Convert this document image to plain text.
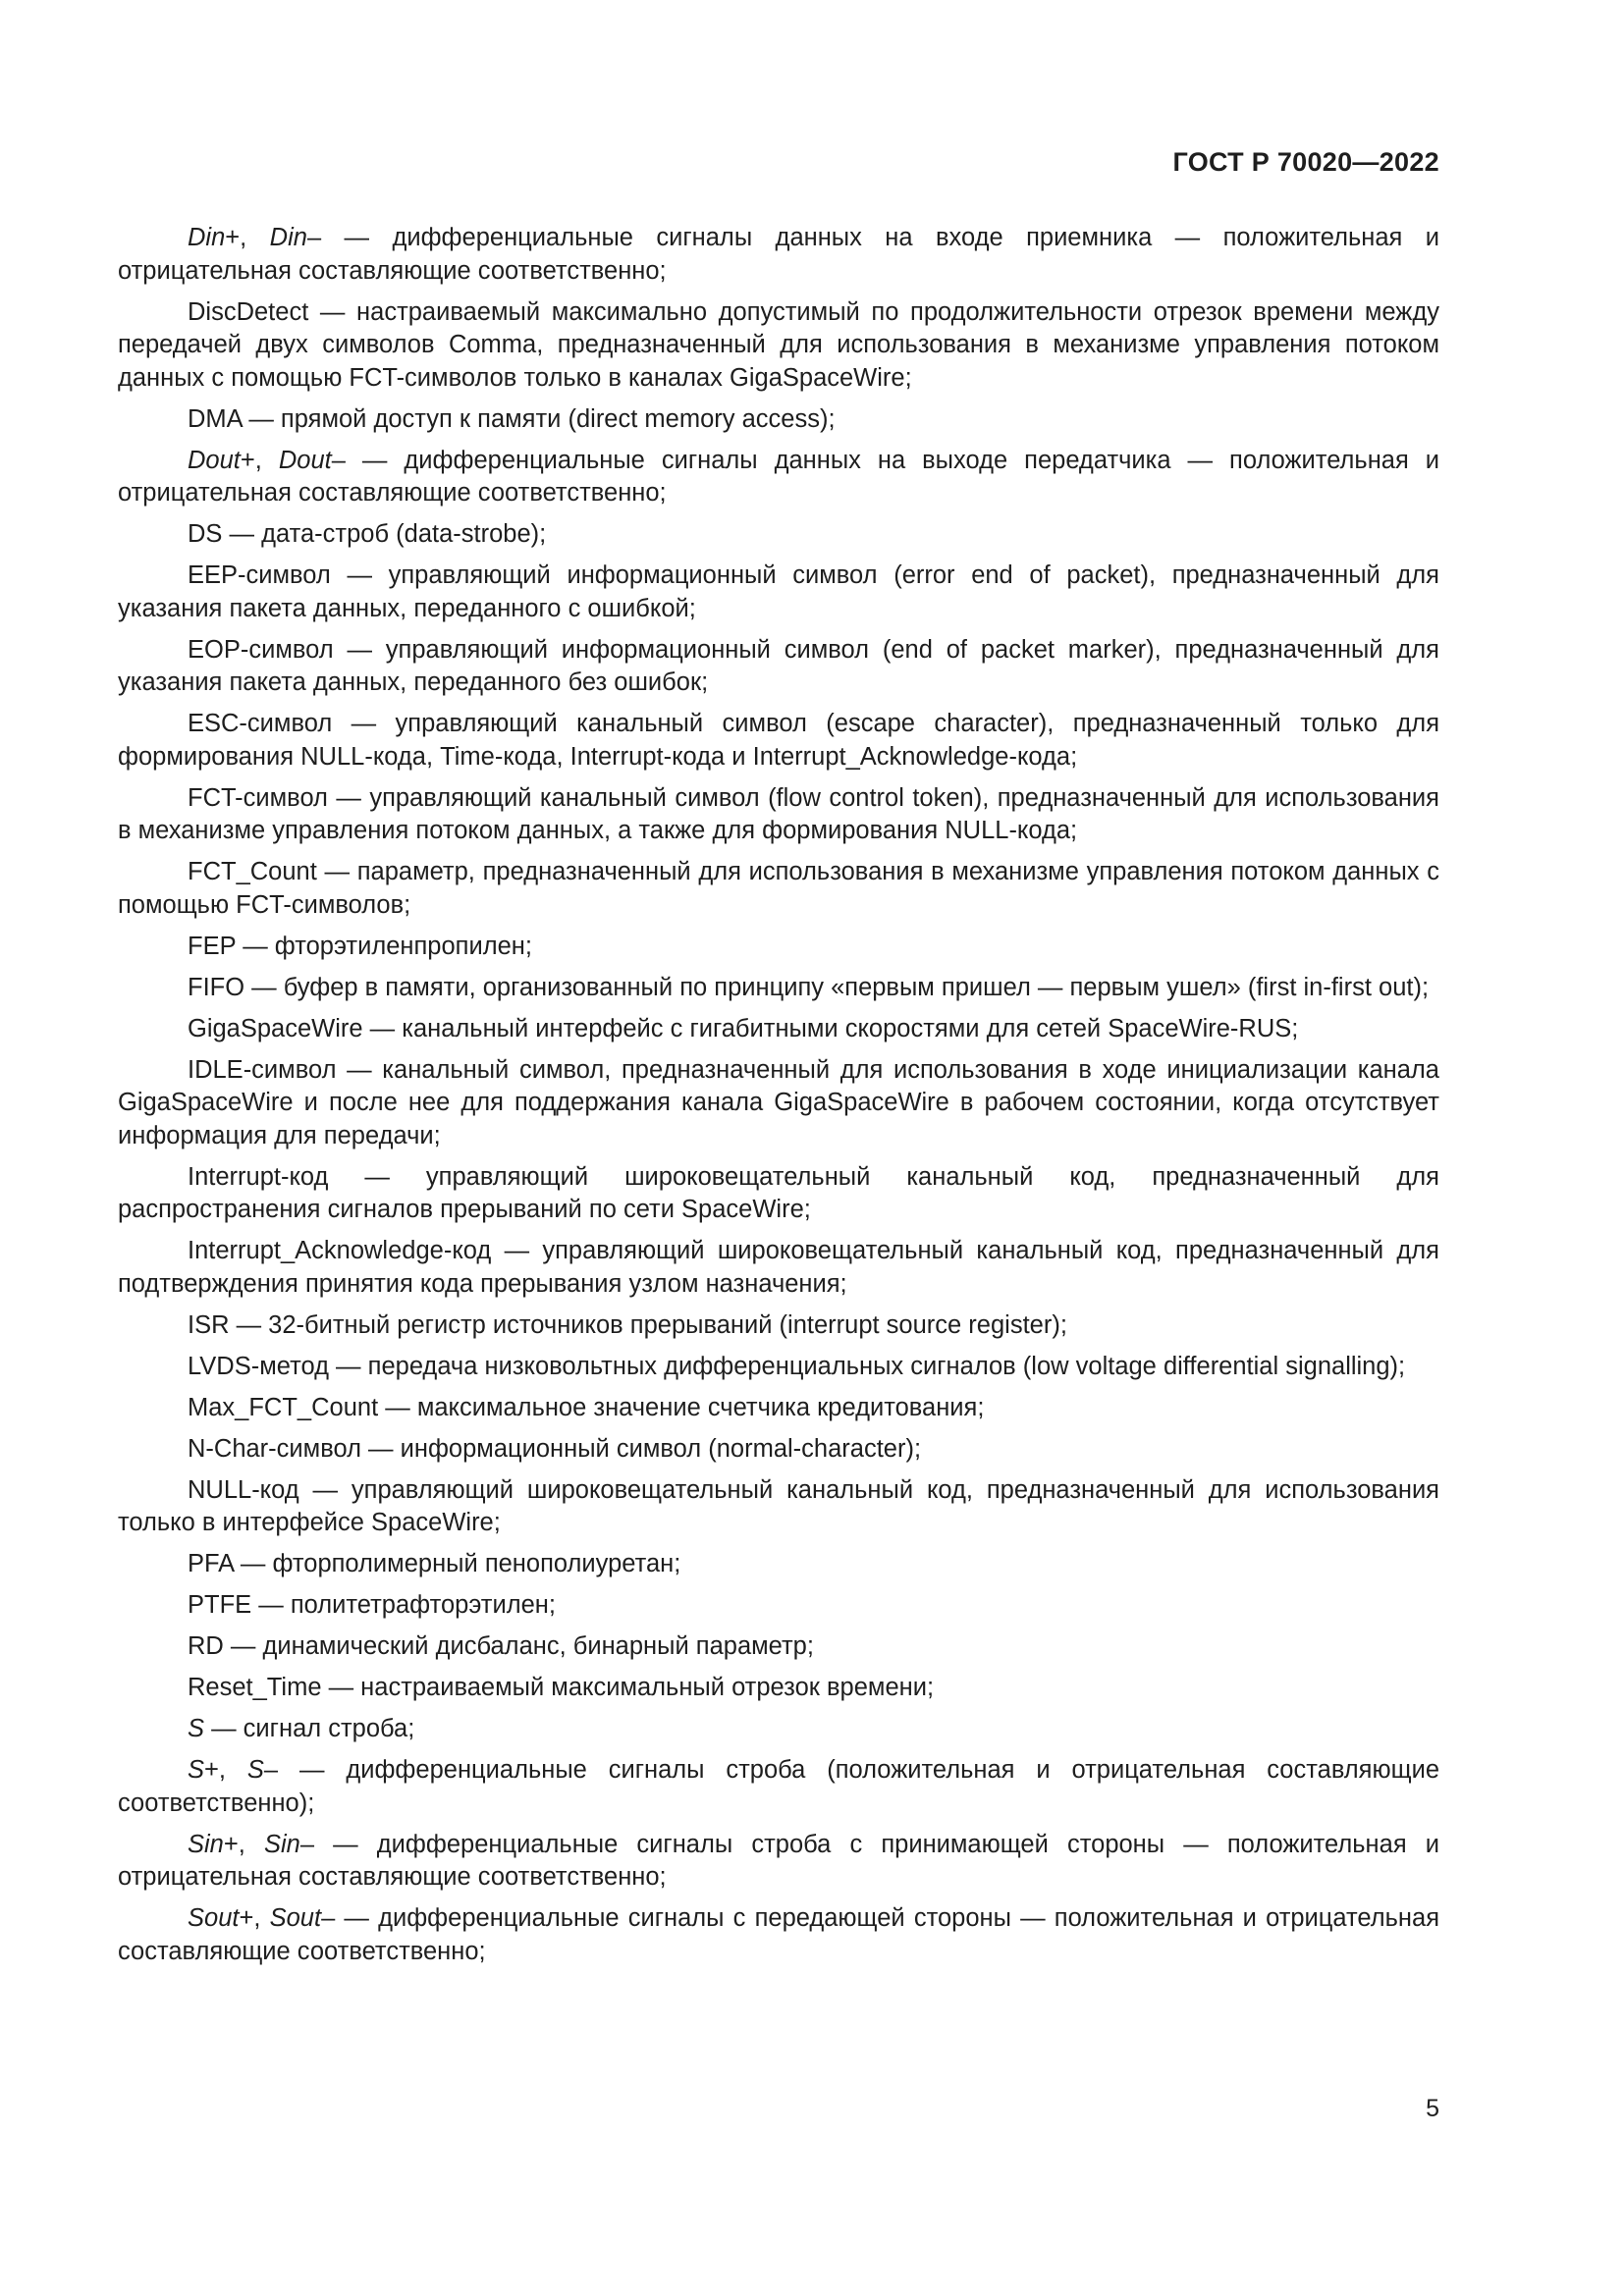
ГОСТ Р 70020—2022

Din+, Din– — дифференциальные сигналы данных на входе приемника — положительная и отрицательная составляющие соответственно;

DiscDetect — настраиваемый максимально допустимый по продолжительности отрезок времени между передачей двух символов Comma, предназначенный для использования в механизме управления потоком данных с помощью FCT-символов только в каналах GigaSpaceWire;

DMA — прямой доступ к памяти (direct memory access);

Dout+, Dout– — дифференциальные сигналы данных на выходе передатчика — положительная и отрицательная составляющие соответственно;

DS — дата-строб (data-strobe);

EEP-символ — управляющий информационный символ (error end of packet), предназначенный для указания пакета данных, переданного с ошибкой;

EOP-символ — управляющий информационный символ (end of packet marker), предназначенный для указания пакета данных, переданного без ошибок;

ESC-символ — управляющий канальный символ (escape character), предназначенный только для формирования NULL-кода, Time-кода, Interrupt-кода и Interrupt_Acknowledge-кода;

FCT-символ — управляющий канальный символ (flow control token), предназначенный для использования в механизме управления потоком данных, а также для формирования NULL-кода;

FCT_Count — параметр, предназначенный для использования в механизме управления потоком данных с помощью FCT-символов;

FEP — фторэтиленпропилен;

FIFO — буфер в памяти, организованный по принципу «первым пришел — первым ушел» (first in-first out);

GigaSpaceWire — канальный интерфейс с гигабитными скоростями для сетей SpaceWire-RUS;

IDLE-символ — канальный символ, предназначенный для использования в ходе инициализации канала GigaSpaceWire и после нее для поддержания канала GigaSpaceWire в рабочем состоянии, когда отсутствует информация для передачи;

Interrupt-код — управляющий широковещательный канальный код, предназначенный для распространения сигналов прерываний по сети SpaceWire;

Interrupt_Acknowledge-код — управляющий широковещательный канальный код, предназначенный для подтверждения принятия кода прерывания узлом назначения;

ISR — 32-битный регистр источников прерываний (interrupt source register);

LVDS-метод — передача низковольтных дифференциальных сигналов (low voltage differential signalling);

Max_FCT_Count — максимальное значение счетчика кредитования;

N-Char-символ — информационный символ (normal-character);

NULL-код — управляющий широковещательный канальный код, предназначенный для использования только в интерфейсе SpaceWire;

PFA — фторполимерный пенополиуретан;

PTFE — политетрафторэтилен;

RD — динамический дисбаланс, бинарный параметр;

Reset_Time — настраиваемый максимальный отрезок времени;

S — сигнал строба;

S+, S– — дифференциальные сигналы строба (положительная и отрицательная составляющие соответственно);

Sin+, Sin– — дифференциальные сигналы строба с принимающей стороны — положительная и отрицательная составляющие соответственно;

Sout+, Sout– — дифференциальные сигналы с передающей стороны — положительная и отрицательная составляющие соответственно;

5
